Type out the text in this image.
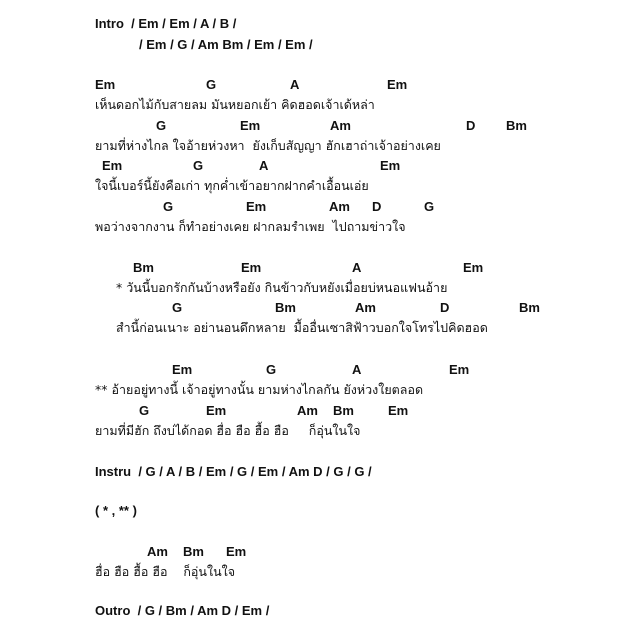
Intro  / Em / Em / A / B /
/ Em / G / Am Bm / Em / Em /
Em	G	A	Em
เห็นดอกไม้กับสายลม มันหยอกเย้า คิดฮอดเจ้าเด้หล่า
G	Em	Am	D Bm
ยามที่ห่างไกล ใจอ้ายห่วงหา  ยังเก็บสัญญา ฮักเฮาถ่าเจ้าอย่างเคย
Em	G	A	Em
ใจนี้เบอร์นี้ยังคือเก่า ทุกค่ำเข้าอยากฝากคำเอื้อนเอ่ย
G	Em	Am D	G
พอว่างจากงาน ก็ทำอย่างเคย ฝากลมรำเพย  ไปถามข่าวใจ
Bm	Em	A	Em
* วันนี้บอกรักกันบ้างหรือยัง กินข้าวกับหยังเมื่อยบ่หนอแฟนอ้าย
G	Bm	Am	D	Bm
สำนี้ก่อนเนาะ อย่านอนดึกหลาย  มื้ออื่นเซาสิฟ้าวบอกใจโทรไปคิดฮอด
Em	G	A	Em
** อ้ายอยู่ทางนี้ เจ้าอยู่ทางนั้น ยามห่างไกลกัน ยังห่วงใยตลอด
G	Em	Am Bm	Em
ยามที่มีฮัก ถึงบ่ได้กอด ฮื่อ ฮือ ฮื้อ ฮือ     ก็อุ่นในใจ
Instru  / G / A / B / Em / G / Em / Am D / G / G /
( * , ** )
Am Bm Em
ฮื่อ ฮือ ฮื้อ ฮือ    ก็อุ่นในใจ
Outro  / G / Bm / Am D / Em /
